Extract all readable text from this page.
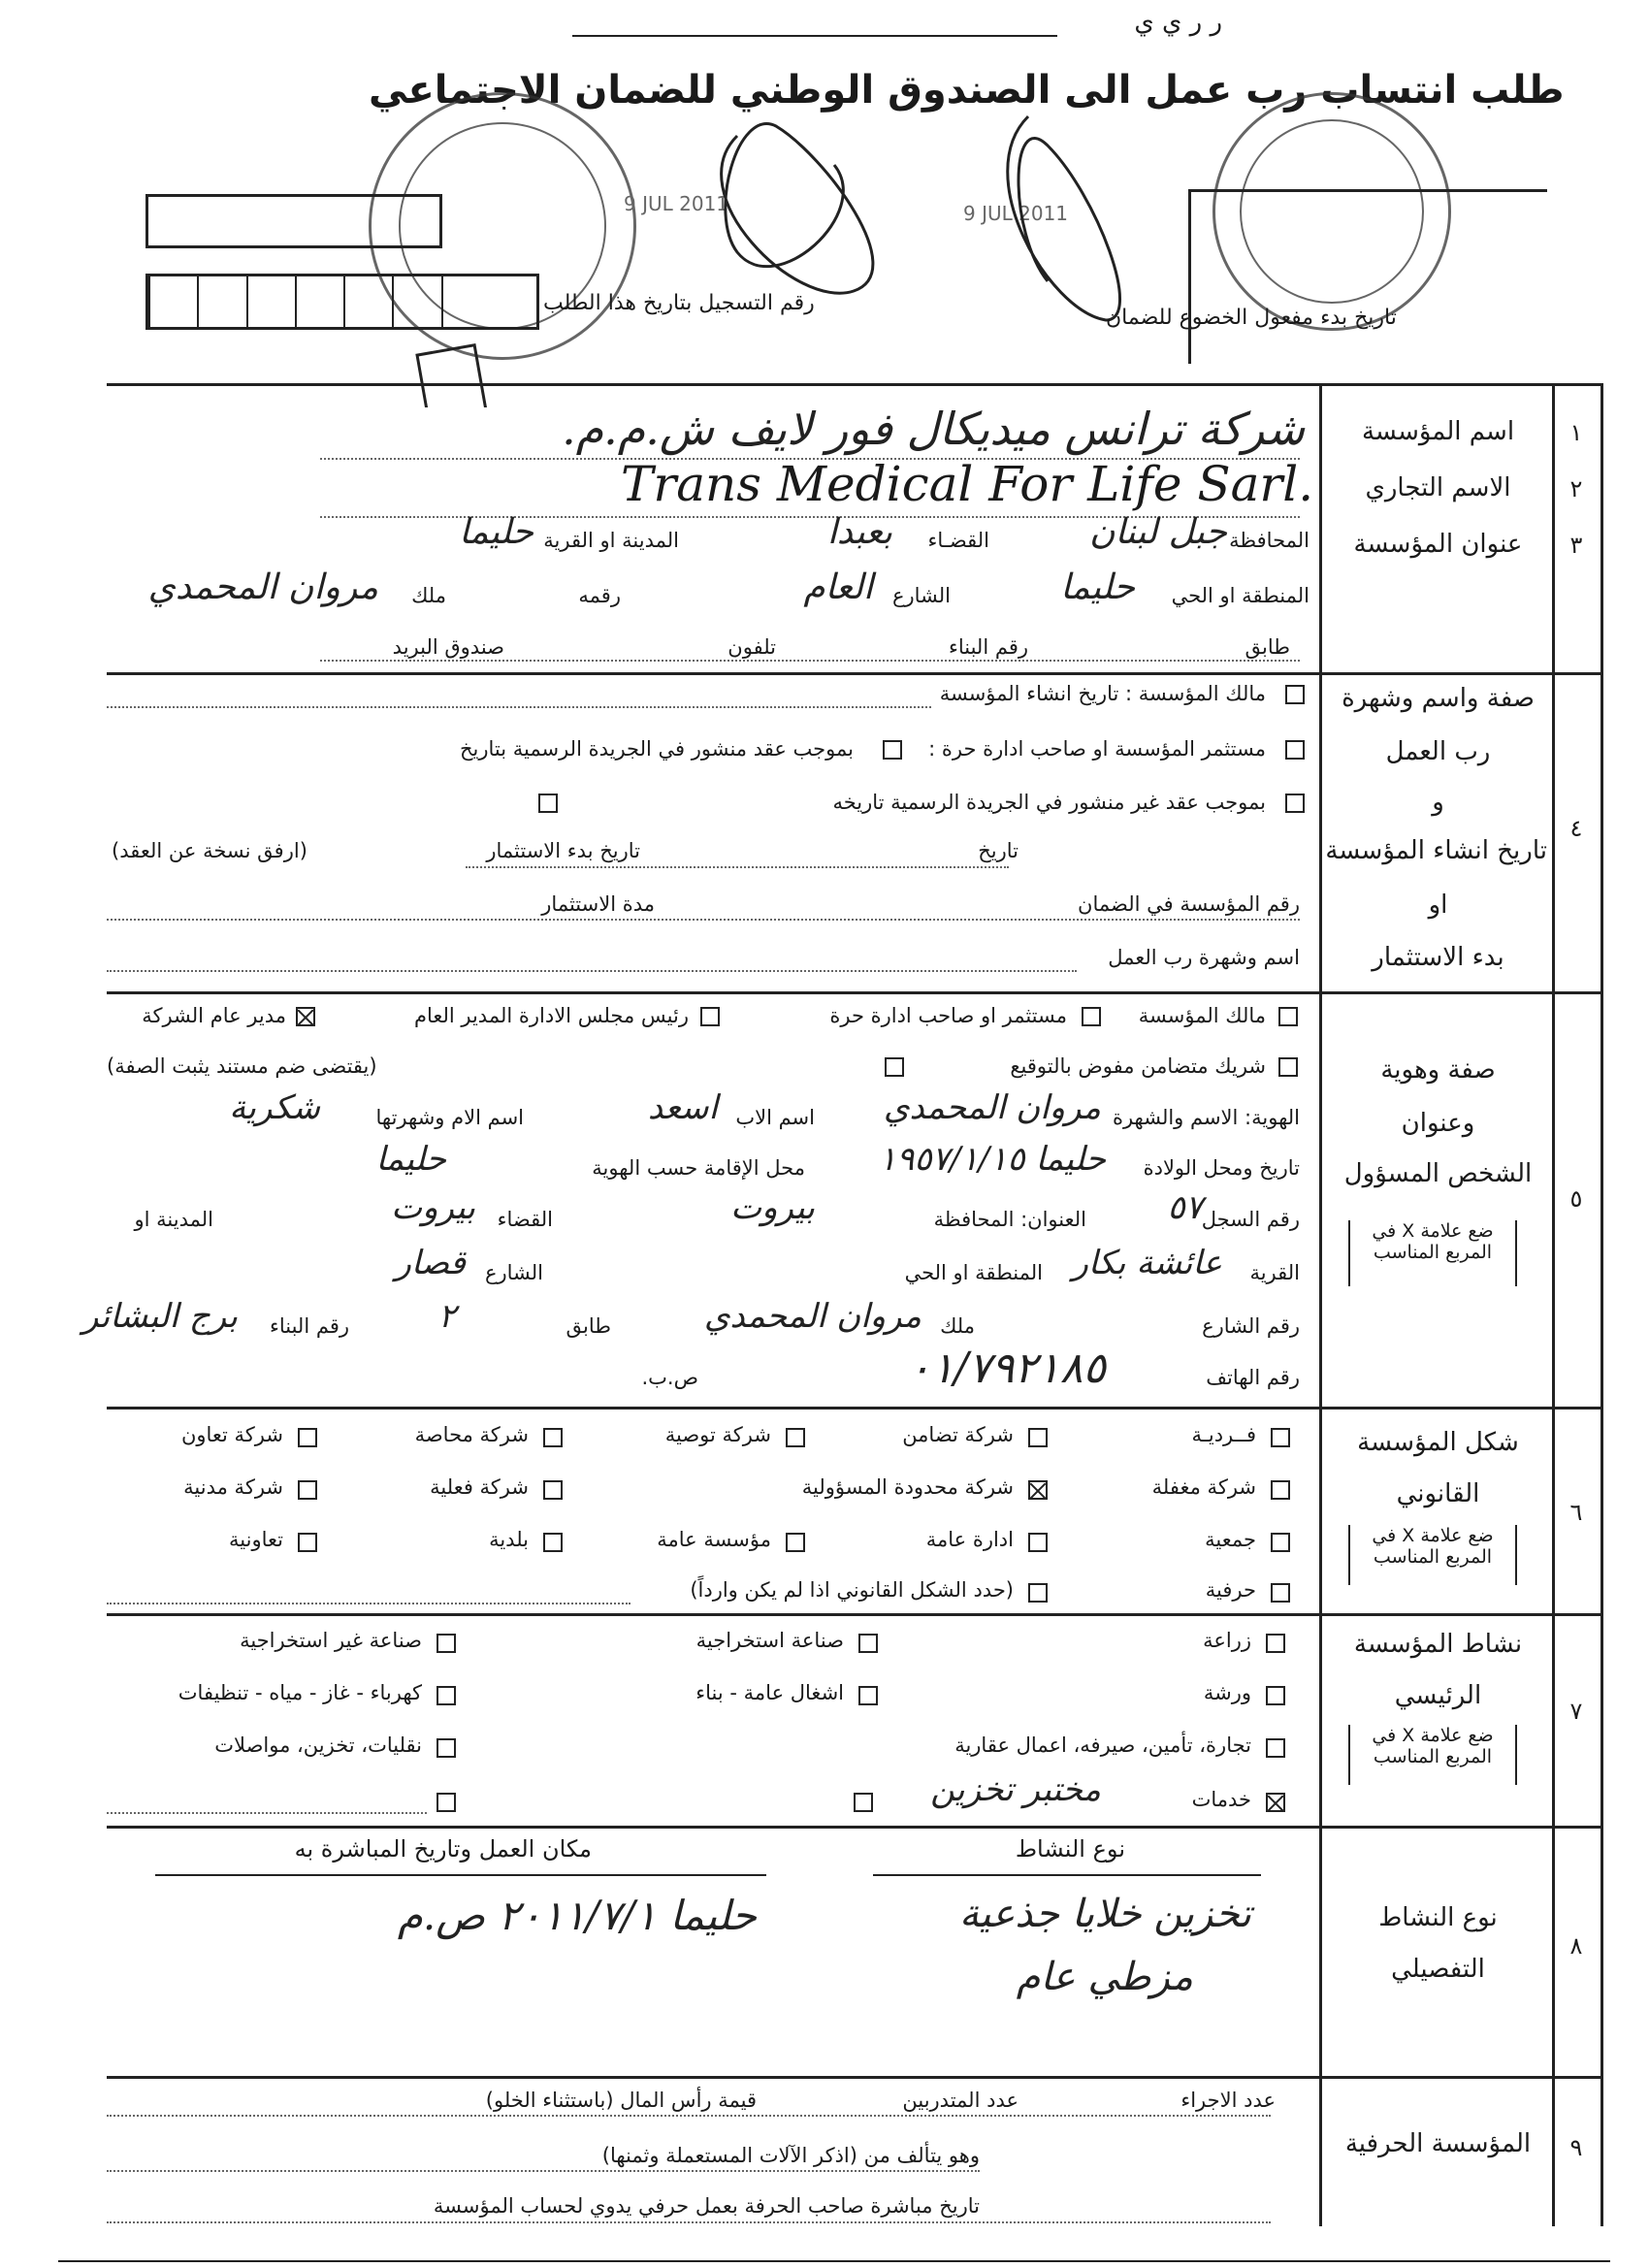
ر ر ي ي
طلب انتساب رب عمل الى الصندوق الوطني للضمان الاجتماعي
9 JUL 2011	9 JUL 2011
رقم التسجيل بتاريخ هذا الطلب
تاريخ بدء مفعول الخضوع للضمان
١
٢
٣
اسم المؤسسة
الاسم التجاري
عنوان المؤسسة
شركة ترانس ميديكال فور لايف ش.م.م.
Trans Medical For Life Sarl.
المحافظة
جبل لبنان
القضـاء
بعبدا
المدينة او القرية
حليما
المنطقة او الحي
حليما
الشارع
العام
رقمه
ملك
مروان المحمدي
طابق
رقم البناء
تلفون
صندوق البريد
٤
صفة واسم وشهرة
رب العمل
و
تاريخ انشاء المؤسسة
او
بدء الاستثمار
مالك المؤسسة : تاريخ انشاء المؤسسة
مستثمر المؤسسة او صاحب ادارة حرة :
بموجب عقد منشور في الجريدة الرسمية بتاريخ
بموجب عقد غير منشور في الجريدة الرسمية تاريخه
تاريخ
تاريخ بدء الاستثمار
(ارفق نسخة عن العقد)
رقم المؤسسة في الضمان
مدة الاستثمار
اسم وشهرة رب العمل
٥
صفة وهوية
وعنوان
الشخص المسؤول
ضع علامة X في المربع المناسب
مالك المؤسسة
مستثمر او صاحب ادارة حرة
رئيس مجلس الادارة المدير العام
مدير عام الشركة
شريك متضامن مفوض بالتوقيع
(يقتضى ضم مستند يثبت الصفة)
الهوية: الاسم والشهرة
مروان المحمدي
اسم الاب
اسعد
اسم الام وشهرتها
شكرية
تاريخ ومحل الولادة
حليما ١٩٥٧/١/١٥
محل الإقامة حسب الهوية
حليما
رقم السجل
٥٧
العنوان: المحافظة
بيروت
القضاء
بيروت
المدينة او
القرية
عائشة بكار
المنطقة او الحي
الشارع
قصار
رقم الشارع
ملك
مروان المحمدي
طابق
٢
رقم البناء
برج البشائر
رقم الهاتف
٠١/٧٩٢١٨٥
ص.ب.
٦
شكل المؤسسة
القانوني
ضع علامة X في المربع المناسب
فــرديـة
شركة تضامن
شركة توصية
شركة محاصة
شركة تعاون
شركة مغفلة
شركة محدودة المسؤولية
شركة فعلية
شركة مدنية
جمعية
ادارة عامة
مؤسسة عامة
بلدية
تعاونية
حرفية
(حدد الشكل القانوني اذا لم يكن وارداً)
٧
نشاط المؤسسة
الرئيسي
ضع علامة X في المربع المناسب
زراعة
صناعة استخراجية
صناعة غير استخراجية
ورشة
اشغال عامة - بناء
كهرباء - غاز - مياه - تنظيفات
تجارة، تأمين، صيرفه، اعمال عقارية
نقليات، تخزين، مواصلات
خدمات
مختبر تخزين
٨
نوع النشاط
التفصيلي
نوع النشاط
مكان العمل وتاريخ المباشرة به
تخزين خلايا جذعية
مزطي عام
حليما ٢٠١١/٧/١ ص.م
٩
المؤسسة الحرفية
عدد الاجراء
عدد المتدربين
قيمة رأس المال (باستثناء الخلو)
وهو يتألف من (اذكر الآلات المستعملة وثمنها)
تاريخ مباشرة صاحب الحرفة بعمل حرفي يدوي لحساب المؤسسة
